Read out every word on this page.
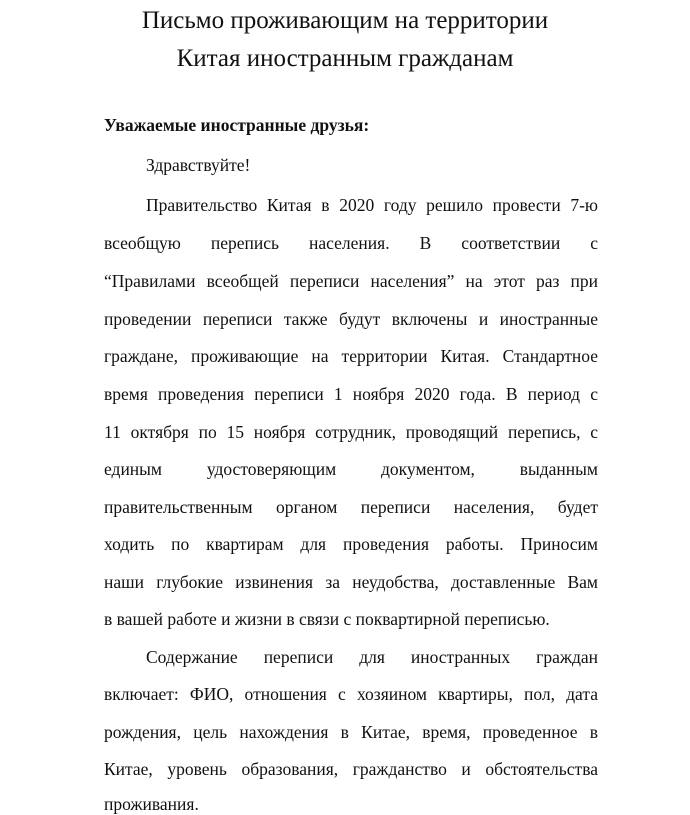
Письмо проживающим на территории
Китая иностранным гражданам
Уважаемые иностранные друзья:
Здравствуйте!
Правительство Китая в 2020 году решило провести 7-ю
всеобщую перепись населения. В соответствии с
“Правилами всеобщей переписи населения” на этот раз при
проведении переписи также будут включены и иностранные
граждане, проживающие на территории Китая. Стандартное
время проведения переписи 1 ноября 2020 года. В период с
11 октября по 15 ноября сотрудник, проводящий перепись, с
единым удостоверяющим документом, выданным
правительственным органом переписи населения, будет
ходить по квартирам для проведения работы. Приносим
наши глубокие извинения за неудобства, доставленные Вам
в вашей работе и жизни в связи с поквартирной переписью.
Содержание переписи для иностранных граждан
включает: ФИО, отношения с хозяином квартиры, пол, дата
рождения, цель нахождения в Китае, время, проведенное в
Китае, уровень образования, гражданство и обстоятельства
проживания.
